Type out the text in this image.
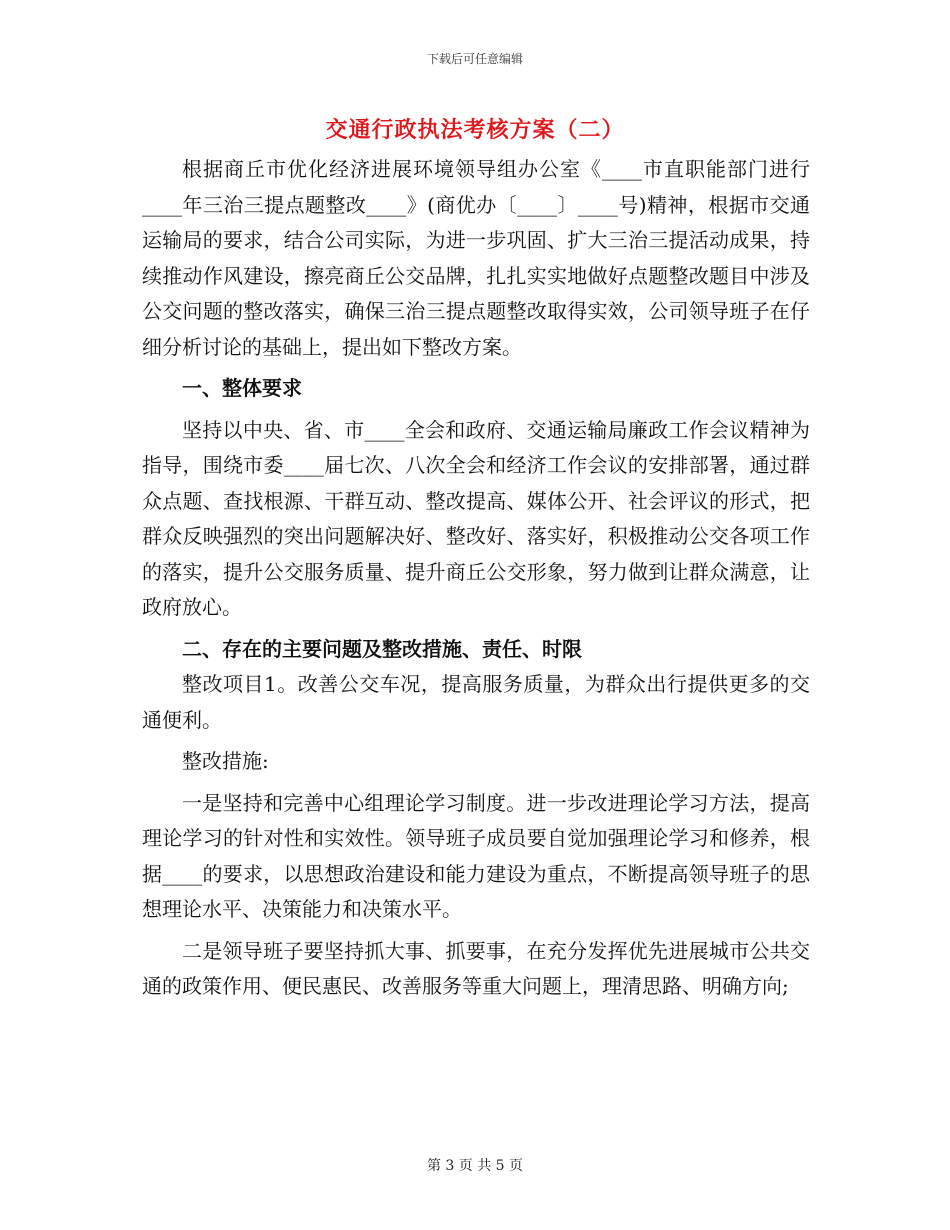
下载后可任意编辑
交通行政执法考核方案（二）

根据商丘市优化经济进展环境领导组办公室《____市直职能部门进行____年三治三提点题整改____》(商优办〔____〕____号)精神，根据市交通运输局的要求，结合公司实际，为进一步巩固、扩大三治三提活动成果，持续推动作风建设，擦亮商丘公交品牌，扎扎实实地做好点题整改题目中涉及公交问题的整改落实，确保三治三提点题整改取得实效，公司领导班子在仔细分析讨论的基础上，提出如下整改方案。

一、整体要求

坚持以中央、省、市____全会和政府、交通运输局廉政工作会议精神为指导，围绕市委____届七次、八次全会和经济工作会议的安排部署，通过群众点题、查找根源、干群互动、整改提高、媒体公开、社会评议的形式，把群众反映强烈的突出问题解决好、整改好、落实好，积极推动公交各项工作的落实，提升公交服务质量、提升商丘公交形象，努力做到让群众满意，让政府放心。

二、存在的主要问题及整改措施、责任、时限

整改项目1。改善公交车况，提高服务质量，为群众出行提供更多的交通便利。

整改措施:

一是坚持和完善中心组理论学习制度。进一步改进理论学习方法，提高理论学习的针对性和实效性。领导班子成员要自觉加强理论学习和修养，根据____的要求，以思想政治建设和能力建设为重点，不断提高领导班子的思想理论水平、决策能力和决策水平。

二是领导班子要坚持抓大事、抓要事，在充分发挥优先进展城市公共交通的政策作用、便民惠民、改善服务等重大问题上，理清思路、明确方向;

第 3 页 共 5 页
